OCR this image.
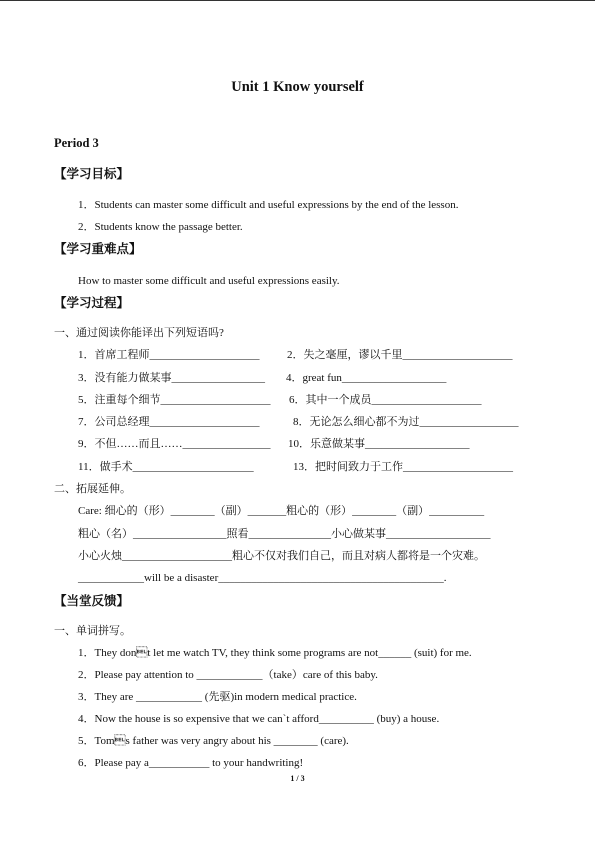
Unit 1 Know yourself
Period 3
【学习目标】
1．Students can master some difficult and useful expressions by the end of the lesson.
2．Students know the passage better.
【学习重难点】
How to master some difficult and useful expressions easily.
【学习过程】
一、通过阅读你能译出下列短语吗?
1．首席工程师____________________	2．失之毫厘，谬以千里____________________
3．没有能力做某事_________________ 4．great fun___________________
5．注重每个细节____________________ 6．其中一个成员____________________
7．公司总经理____________________	8．无论怎么细心都不为过__________________
9．不但……而且……________________ 10．乐意做某事___________________
11．做手术______________________	13．把时间致力于工作____________________
二、拓展延伸。
Care: 细心的（形）________（副）_______粗心的（形）________（副）__________
粗心（名）_________________照看_______________小心做某事___________________
小心火烛____________________粗心不仅对我们自己，而且对病人都将是一个灾难。
____________will be a disaster_________________________________________.
【当堂反馈】
一、单词拼写。
1．They dont let me watch TV, they think some programs are not______ (suit) for me.
2．Please pay attention to ____________（take）care of this baby.
3．They are ____________ (先驱)in modern medical practice.
4．Now the house is so expensive that we can`t afford__________ (buy) a house.
5．Toms father was very angry about his ________ (care).
6．Please pay a___________ to your handwriting!
1 / 3
